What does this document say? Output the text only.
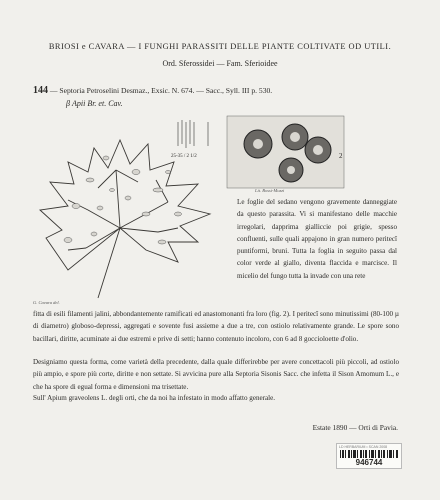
BRIOSI e CAVARA — I FUNGHI PARASSITI DELLE PIANTE COLTIVATE OD UTILI.
Ord. Sferossidei — Fam. Sferioidee
144 — Septoria Petroselini Desmaz., Exsic. N. 674. — Sacc., Syll. III p. 530.
β Apii Br. et. Cav.
25-35 / 2 1/2
G. Cavara del.
2
Lit. Bossi-Mozzi
Le foglie del sedano vengono gravemente danneggiate da questo parassita. Vi si manifestano delle macchie irregolari, dapprima gialliccie poi grigie, spesso confluenti, sulle quali appajono in gran numero peritecî puntiformi, bruni. Tutta la foglia in seguito passa dal color verde al giallo, diventa flaccida e marcisce. Il micelio del fungo tutta la invade con una rete
fitta di esili filamenti jalini, abbondantemente ramificati ed anastomonanti fra loro (fig. 2). I peritecî sono minutissimi (80-100 µ di diametro) globoso-depressi, aggregati e sovente fusi assieme a due a tre, con ostiolo relativamente grande. Le spore sono bacillari, diritte, acuminate ai due estremi e prive di setti; hanno contenuto incoloro, con 6 ad 8 goccioloette d'olio.
Designiamo questa forma, come varietà della precedente, dalla quale differirebbe per avere concettacoli più piccoli, ad ostiolo più ampio, e spore più corte, diritte e non settate. Si avvicina pure alla Septoria Sisonis Sacc. che infetta il Sison Amomum L., e che ha spore di egual forma e dimensioni ma trisettate.
Sull' Apium graveolens L. degli orti, che da noi ha infestato in modo affatto generale.
Estate 1890 — Orti di Pavia.
LD HERBARIUM • SCAN 2008
946744
